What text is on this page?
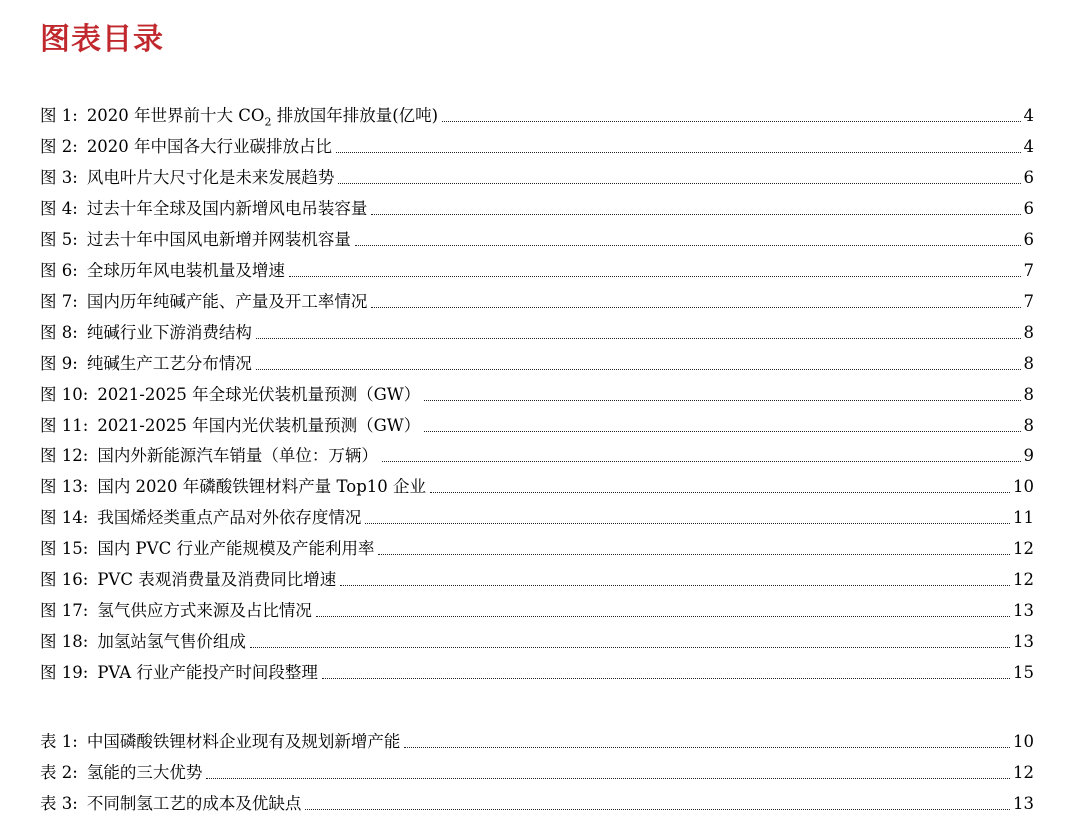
图表目录
图 1: 2020 年世界前十大 $CO_2$ 排放国年排放量(亿吨)	4
图 2: 2020 年中国各大行业碳排放占比	4
图 3: 风电叶片大尺寸化是未来发展趋势	6
图 4: 过去十年全球及国内新增风电吊装容量	6
图 5: 过去十年中国风电新增并网装机容量	6
图 6: 全球历年风电装机量及增速	7
图 7: 国内历年纯碱产能、产量及开工率情况	7
图 8: 纯碱行业下游消费结构	8
图 9: 纯碱生产工艺分布情况	8
图 10: 2021-2025 年全球光伏装机量预测（GW）	8
图 11: 2021-2025 年国内光伏装机量预测（GW）	8
图 12: 国内外新能源汽车销量（单位：万辆）	9
图 13: 国内 2020 年磷酸铁锂材料产量 Top10 企业	10
图 14: 我国烯烃类重点产品对外依存度情况	11
图 15: 国内 PVC 行业产能规模及产能利用率	12
图 16: PVC 表观消费量及消费同比增速	12
图 17: 氢气供应方式来源及占比情况	13
图 18: 加氢站氢气售价组成	13
图 19: PVA 行业产能投产时间段整理	15
表 1: 中国磷酸铁锂材料企业现有及规划新增产能	10
表 2: 氢能的三大优势	12
表 3: 不同制氢工艺的成本及优缺点	13
